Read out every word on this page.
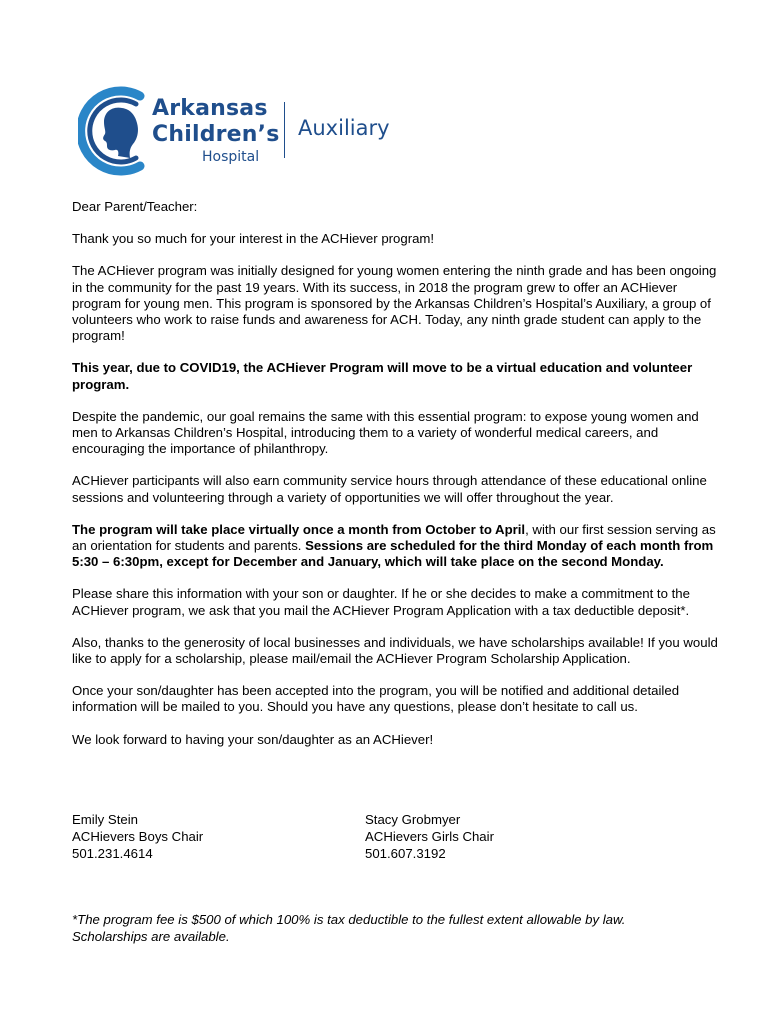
Arkansas
Children’s
Hospital
Auxiliary

Dear Parent/Teacher:

Thank you so much for your interest in the ACHiever program!

The ACHiever program was initially designed for young women entering the ninth grade and has been ongoing in the community for the past 19 years. With its success, in 2018 the program grew to offer an ACHiever program for young men. This program is sponsored by the Arkansas Children’s Hospital’s Auxiliary, a group of volunteers who work to raise funds and awareness for ACH. Today, any ninth grade student can apply to the program!

This year, due to COVID19, the ACHiever Program will move to be a virtual education and volunteer program.

Despite the pandemic, our goal remains the same with this essential program: to expose young women and men to Arkansas Children’s Hospital, introducing them to a variety of wonderful medical careers, and encouraging the importance of philanthropy.

ACHiever participants will also earn community service hours through attendance of these educational online sessions and volunteering through a variety of opportunities we will offer throughout the year.

The program will take place virtually once a month from October to April, with our first session serving as an orientation for students and parents. Sessions are scheduled for the third Monday of each month from 5:30 – 6:30pm, except for December and January, which will take place on the second Monday.

Please share this information with your son or daughter. If he or she decides to make a commitment to the ACHiever program, we ask that you mail the ACHiever Program Application with a tax deductible deposit*.

Also, thanks to the generosity of local businesses and individuals, we have scholarships available! If you would like to apply for a scholarship, please mail/email the ACHiever Program Scholarship Application.

Once your son/daughter has been accepted into the program, you will be notified and additional detailed information will be mailed to you. Should you have any questions, please don’t hesitate to call us.

We look forward to having your son/daughter as an ACHiever!

Emily Stein
ACHievers Boys Chair
501.231.4614
Stacy Grobmyer
ACHievers Girls Chair
501.607.3192
*The program fee is $500 of which 100% is tax deductible to the fullest extent allowable by law.
Scholarships are available.
